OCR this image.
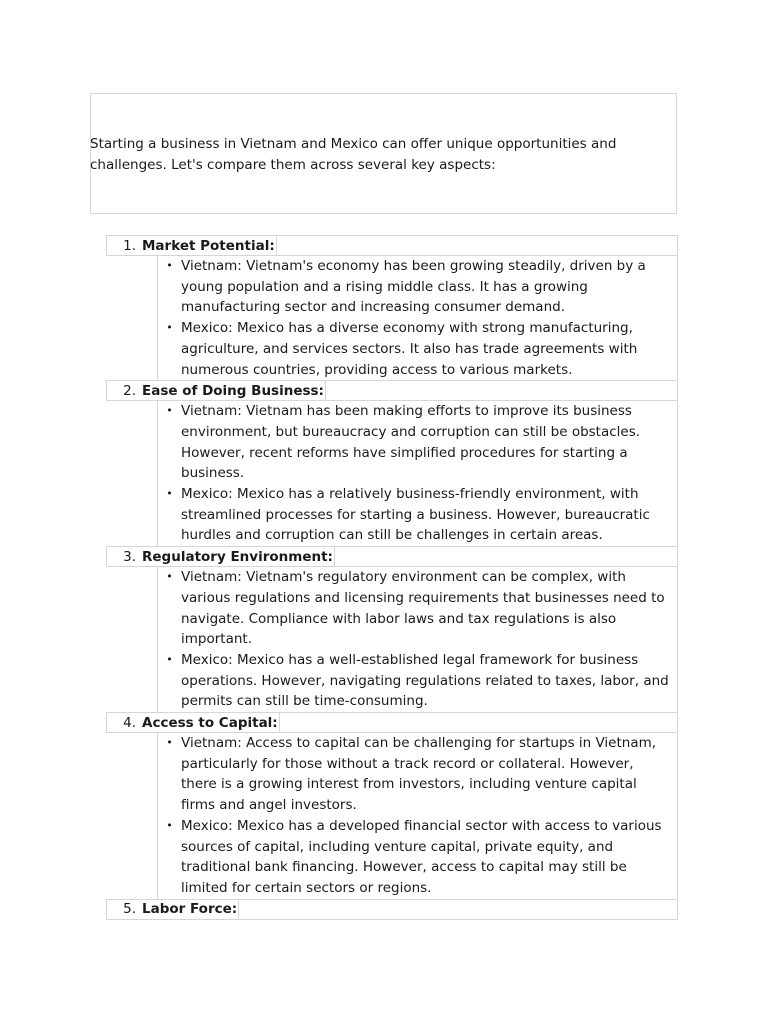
Starting a business in Vietnam and Mexico can offer unique opportunities and challenges. Let's compare them across several key aspects:

1. Market Potential:
• Vietnam: Vietnam's economy has been growing steadily, driven by a young population and a rising middle class. It has a growing manufacturing sector and increasing consumer demand.
• Mexico: Mexico has a diverse economy with strong manufacturing, agriculture, and services sectors. It also has trade agreements with numerous countries, providing access to various markets.
2. Ease of Doing Business:
• Vietnam: Vietnam has been making efforts to improve its business environment, but bureaucracy and corruption can still be obstacles. However, recent reforms have simplified procedures for starting a business.
• Mexico: Mexico has a relatively business-friendly environment, with streamlined processes for starting a business. However, bureaucratic hurdles and corruption can still be challenges in certain areas.
3. Regulatory Environment:
• Vietnam: Vietnam's regulatory environment can be complex, with various regulations and licensing requirements that businesses need to navigate. Compliance with labor laws and tax regulations is also important.
• Mexico: Mexico has a well-established legal framework for business operations. However, navigating regulations related to taxes, labor, and permits can still be time-consuming.
4. Access to Capital:
• Vietnam: Access to capital can be challenging for startups in Vietnam, particularly for those without a track record or collateral. However, there is a growing interest from investors, including venture capital firms and angel investors.
• Mexico: Mexico has a developed financial sector with access to various sources of capital, including venture capital, private equity, and traditional bank financing. However, access to capital may still be limited for certain sectors or regions.
5. Labor Force:
